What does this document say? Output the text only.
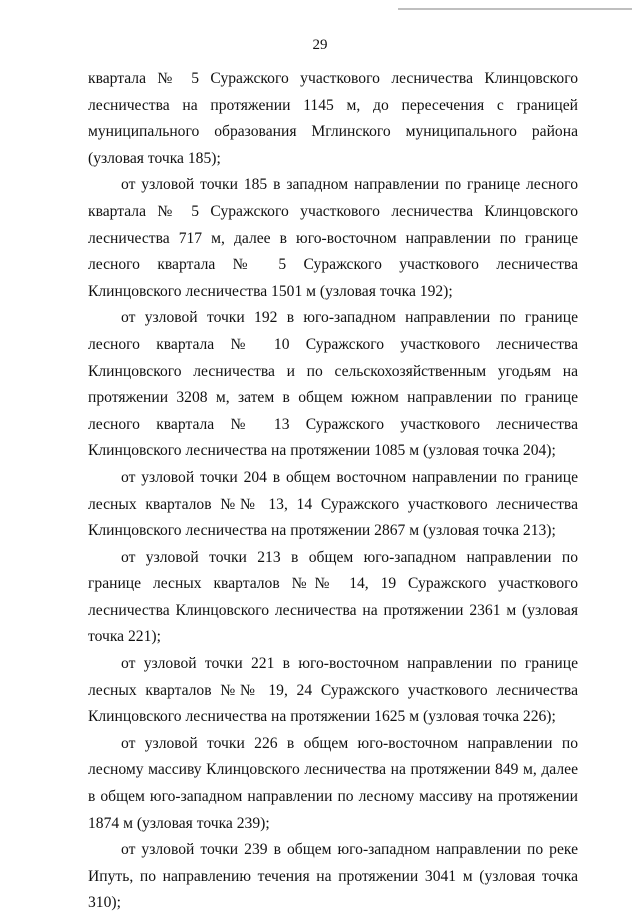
29

квартала № 5 Суражского участкового лесничества Клинцовского лесничества на протяжении 1145 м, до пересечения с границей муниципального образования Мглинского муниципального района (узловая точка 185);

от узловой точки 185 в западном направлении по границе лесного квартала № 5 Суражского участкового лесничества Клинцовского лесничества 717 м, далее в юго-восточном направлении по границе лесного квартала № 5 Суражского участкового лесничества Клинцовского лесничества 1501 м (узловая точка 192);

от узловой точки 192 в юго-западном направлении по границе лесного квартала № 10 Суражского участкового лесничества Клинцовского лесничества и по сельскохозяйственным угодьям на протяжении 3208 м, затем в общем южном направлении по границе лесного квартала № 13 Суражского участкового лесничества Клинцовского лесничества на протяжении 1085 м (узловая точка 204);

от узловой точки 204 в общем восточном направлении по границе лесных кварталов №№ 13, 14 Суражского участкового лесничества Клинцовского лесничества на протяжении 2867 м (узловая точка 213);

от узловой точки 213 в общем юго-западном направлении по границе лесных кварталов №№ 14, 19 Суражского участкового лесничества Клинцовского лесничества на протяжении 2361 м (узловая точка 221);

от узловой точки 221 в юго-восточном направлении по границе лесных кварталов №№ 19, 24 Суражского участкового лесничества Клинцовского лесничества на протяжении 1625 м (узловая точка 226);

от узловой точки 226 в общем юго-восточном направлении по лесному массиву Клинцовского лесничества на протяжении 849 м, далее в общем юго-западном направлении по лесному массиву на протяжении 1874 м (узловая точка 239);

от узловой точки 239 в общем юго-западном направлении по реке Ипуть, по направлению течения на протяжении 3041 м (узловая точка 310);
